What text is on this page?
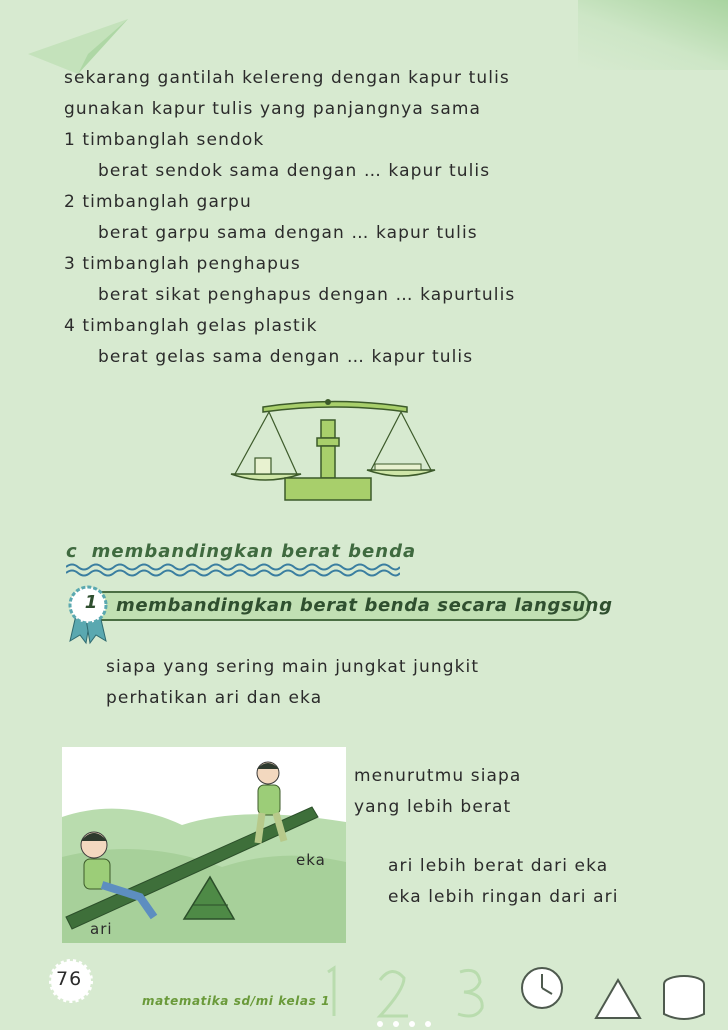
sekarang gantilah kelereng dengan kapur tulis
gunakan kapur tulis yang panjangnya sama
1 timbanglah sendok
berat sendok sama dengan … kapur tulis
2 timbanglah garpu
berat garpu sama dengan … kapur tulis
3 timbanglah penghapus
berat sikat penghapus dengan … kapurtulis
4 timbanglah gelas plastik
berat gelas sama dengan … kapur tulis
c membandingkan berat benda
1	membandingkan berat benda secara langsung
siapa yang sering main jungkat jungkit
perhatikan ari dan eka
eka
ari
menurutmu siapa
yang lebih berat
ari lebih berat dari eka
eka lebih ringan dari ari
76
matematika sd/mi kelas 1
